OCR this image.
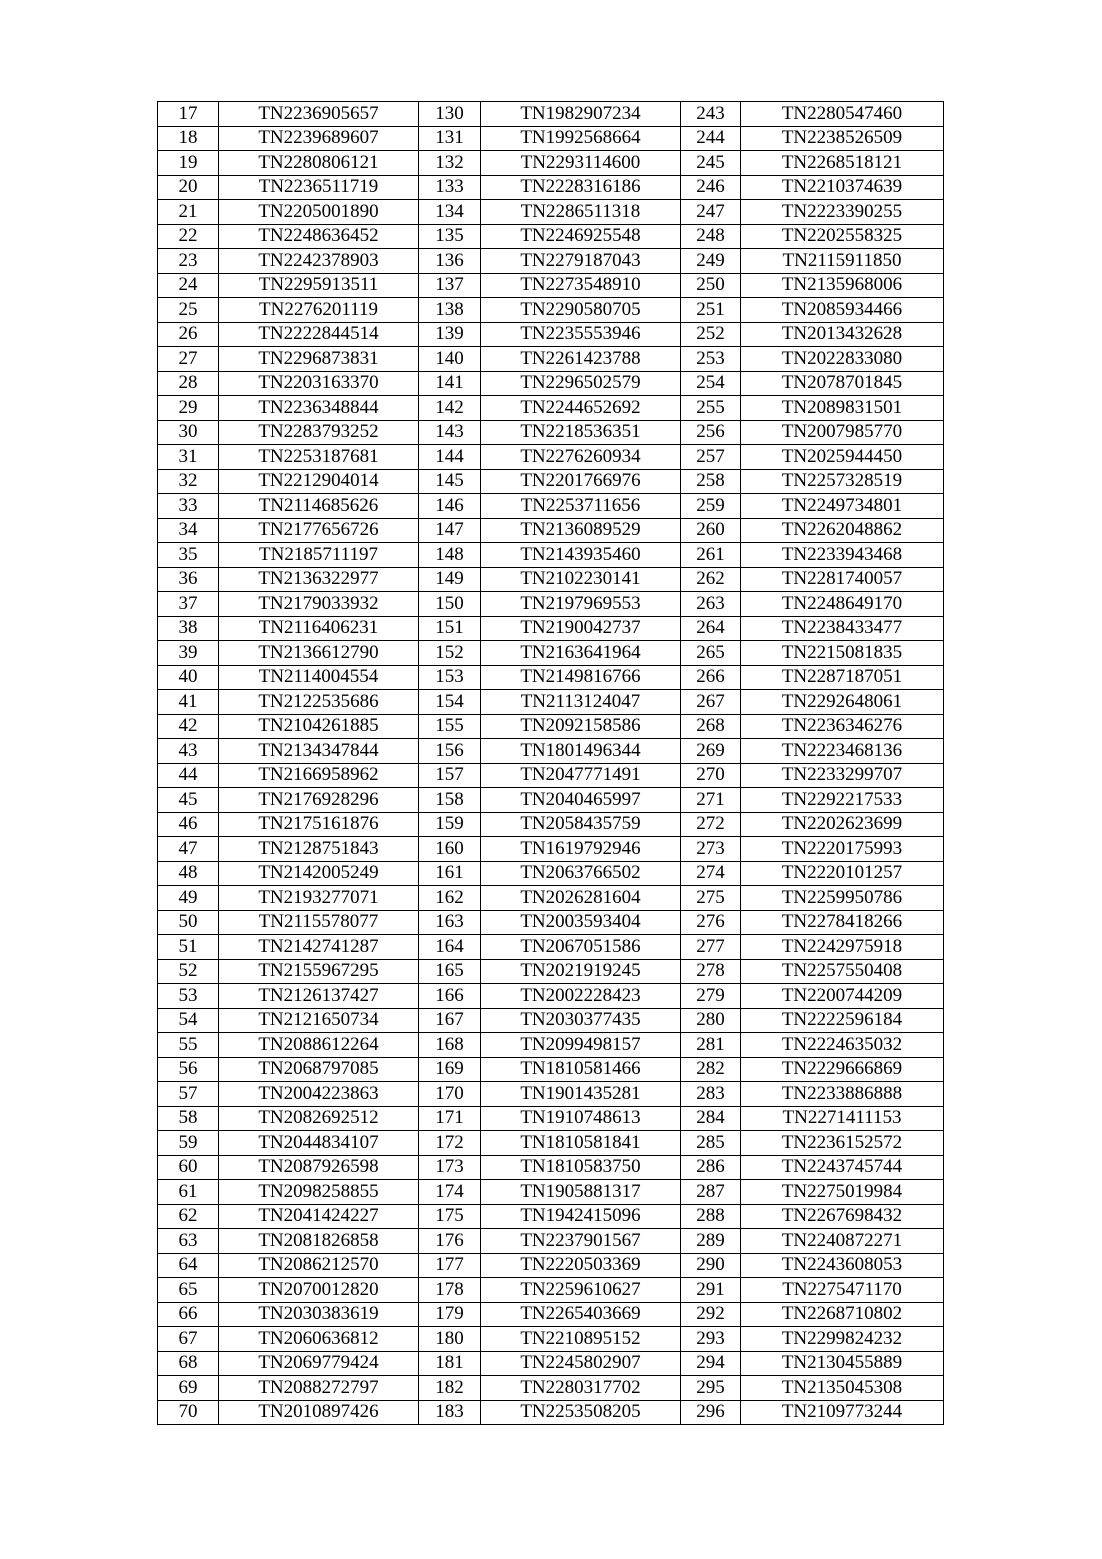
17	TN2236905657	130	TN1982907234	243	TN2280547460
18	TN2239689607	131	TN1992568664	244	TN2238526509
19	TN2280806121	132	TN2293114600	245	TN2268518121
20	TN2236511719	133	TN2228316186	246	TN2210374639
21	TN2205001890	134	TN2286511318	247	TN2223390255
22	TN2248636452	135	TN2246925548	248	TN2202558325
23	TN2242378903	136	TN2279187043	249	TN2115911850
24	TN2295913511	137	TN2273548910	250	TN2135968006
25	TN2276201119	138	TN2290580705	251	TN2085934466
26	TN2222844514	139	TN2235553946	252	TN2013432628
27	TN2296873831	140	TN2261423788	253	TN2022833080
28	TN2203163370	141	TN2296502579	254	TN2078701845
29	TN2236348844	142	TN2244652692	255	TN2089831501
30	TN2283793252	143	TN2218536351	256	TN2007985770
31	TN2253187681	144	TN2276260934	257	TN2025944450
32	TN2212904014	145	TN2201766976	258	TN2257328519
33	TN2114685626	146	TN2253711656	259	TN2249734801
34	TN2177656726	147	TN2136089529	260	TN2262048862
35	TN2185711197	148	TN2143935460	261	TN2233943468
36	TN2136322977	149	TN2102230141	262	TN2281740057
37	TN2179033932	150	TN2197969553	263	TN2248649170
38	TN2116406231	151	TN2190042737	264	TN2238433477
39	TN2136612790	152	TN2163641964	265	TN2215081835
40	TN2114004554	153	TN2149816766	266	TN2287187051
41	TN2122535686	154	TN2113124047	267	TN2292648061
42	TN2104261885	155	TN2092158586	268	TN2236346276
43	TN2134347844	156	TN1801496344	269	TN2223468136
44	TN2166958962	157	TN2047771491	270	TN2233299707
45	TN2176928296	158	TN2040465997	271	TN2292217533
46	TN2175161876	159	TN2058435759	272	TN2202623699
47	TN2128751843	160	TN1619792946	273	TN2220175993
48	TN2142005249	161	TN2063766502	274	TN2220101257
49	TN2193277071	162	TN2026281604	275	TN2259950786
50	TN2115578077	163	TN2003593404	276	TN2278418266
51	TN2142741287	164	TN2067051586	277	TN2242975918
52	TN2155967295	165	TN2021919245	278	TN2257550408
53	TN2126137427	166	TN2002228423	279	TN2200744209
54	TN2121650734	167	TN2030377435	280	TN2222596184
55	TN2088612264	168	TN2099498157	281	TN2224635032
56	TN2068797085	169	TN1810581466	282	TN2229666869
57	TN2004223863	170	TN1901435281	283	TN2233886888
58	TN2082692512	171	TN1910748613	284	TN2271411153
59	TN2044834107	172	TN1810581841	285	TN2236152572
60	TN2087926598	173	TN1810583750	286	TN2243745744
61	TN2098258855	174	TN1905881317	287	TN2275019984
62	TN2041424227	175	TN1942415096	288	TN2267698432
63	TN2081826858	176	TN2237901567	289	TN2240872271
64	TN2086212570	177	TN2220503369	290	TN2243608053
65	TN2070012820	178	TN2259610627	291	TN2275471170
66	TN2030383619	179	TN2265403669	292	TN2268710802
67	TN2060636812	180	TN2210895152	293	TN2299824232
68	TN2069779424	181	TN2245802907	294	TN2130455889
69	TN2088272797	182	TN2280317702	295	TN2135045308
70	TN2010897426	183	TN2253508205	296	TN2109773244
